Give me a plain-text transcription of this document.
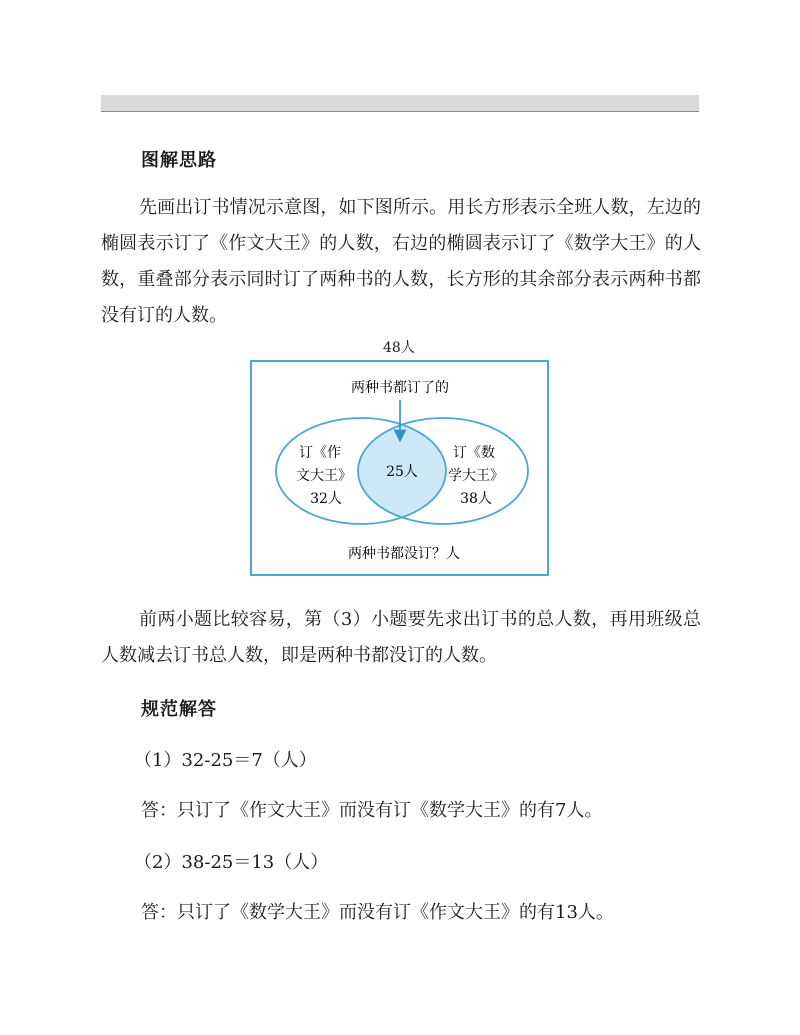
图解思路

先画出订书情况示意图，如下图所示。用长方形表示全班人数，左边的椭圆表示订了《作文大王》的人数，右边的椭圆表示订了《数学大王》的人数，重叠部分表示同时订了两种书的人数，长方形的其余部分表示两种书都没有订的人数。

48人
两种书都订了的
订《作
文大王》
32人
25人
订《数
学大王》
38人
两种书都没订？人

前两小题比较容易，第（3）小题要先求出订书的总人数，再用班级总人数减去订书总人数，即是两种书都没订的人数。

规范解答
（1）32-25＝7（人）
答：只订了《作文大王》而没有订《数学大王》的有7人。
（2）38-25＝13（人）
答：只订了《数学大王》而没有订《作文大王》的有13人。
